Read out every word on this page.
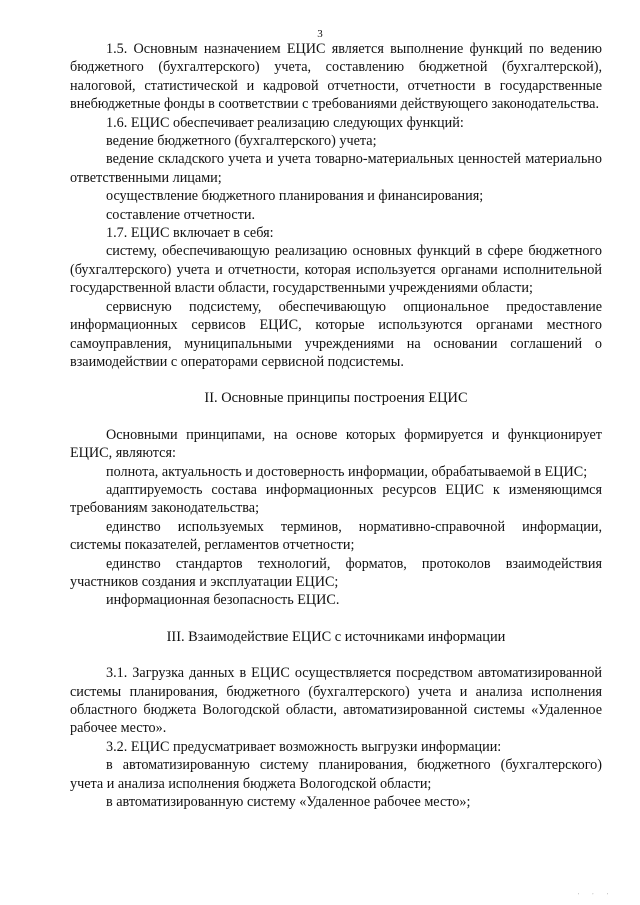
3

1.5. Основным назначением ЕЦИС является выполнение функций по ведению бюджетного (бухгалтерского) учета, составлению бюджетной (бухгалтерской), налоговой, статистической и кадровой отчетности, отчетности в государственные внебюджетные фонды в соответствии с требованиями действующего законодательства.

1.6. ЕЦИС обеспечивает реализацию следующих функций:

ведение бюджетного (бухгалтерского) учета;

ведение складского учета и учета товарно-материальных ценностей материально ответственными лицами;

осуществление бюджетного планирования и финансирования;

составление отчетности.

1.7. ЕЦИС включает в себя:

систему, обеспечивающую реализацию основных функций в сфере бюджетного (бухгалтерского) учета и отчетности, которая используется органами исполнительной государственной власти области, государственными учреждениями области;

сервисную подсистему, обеспечивающую опциональное предоставление информационных сервисов ЕЦИС, которые используются органами местного самоуправления, муниципальными учреждениями на основании соглашений о взаимодействии с операторами сервисной подсистемы.

II. Основные принципы построения ЕЦИС

Основными принципами, на основе которых формируется и функционирует ЕЦИС, являются:

полнота, актуальность и достоверность информации, обрабатываемой в ЕЦИС;

адаптируемость состава информационных ресурсов ЕЦИС к изменяющимся требованиям законодательства;

единство используемых терминов, нормативно-справочной информации, системы показателей, регламентов отчетности;

единство стандартов технологий, форматов, протоколов взаимодействия участников создания и эксплуатации ЕЦИС;

информационная безопасность ЕЦИС.

III. Взаимодействие ЕЦИС с источниками информации

3.1. Загрузка данных в ЕЦИС осуществляется посредством автоматизированной системы планирования, бюджетного (бухгалтерского) учета и анализа исполнения областного бюджета Вологодской области, автоматизированной системы «Удаленное рабочее место».

3.2. ЕЦИС предусматривает возможность выгрузки информации:

в автоматизированную систему планирования, бюджетного (бухгалтерского) учета и анализа исполнения бюджета Вологодской области;

в автоматизированную систему «Удаленное рабочее место»;

' ' '
